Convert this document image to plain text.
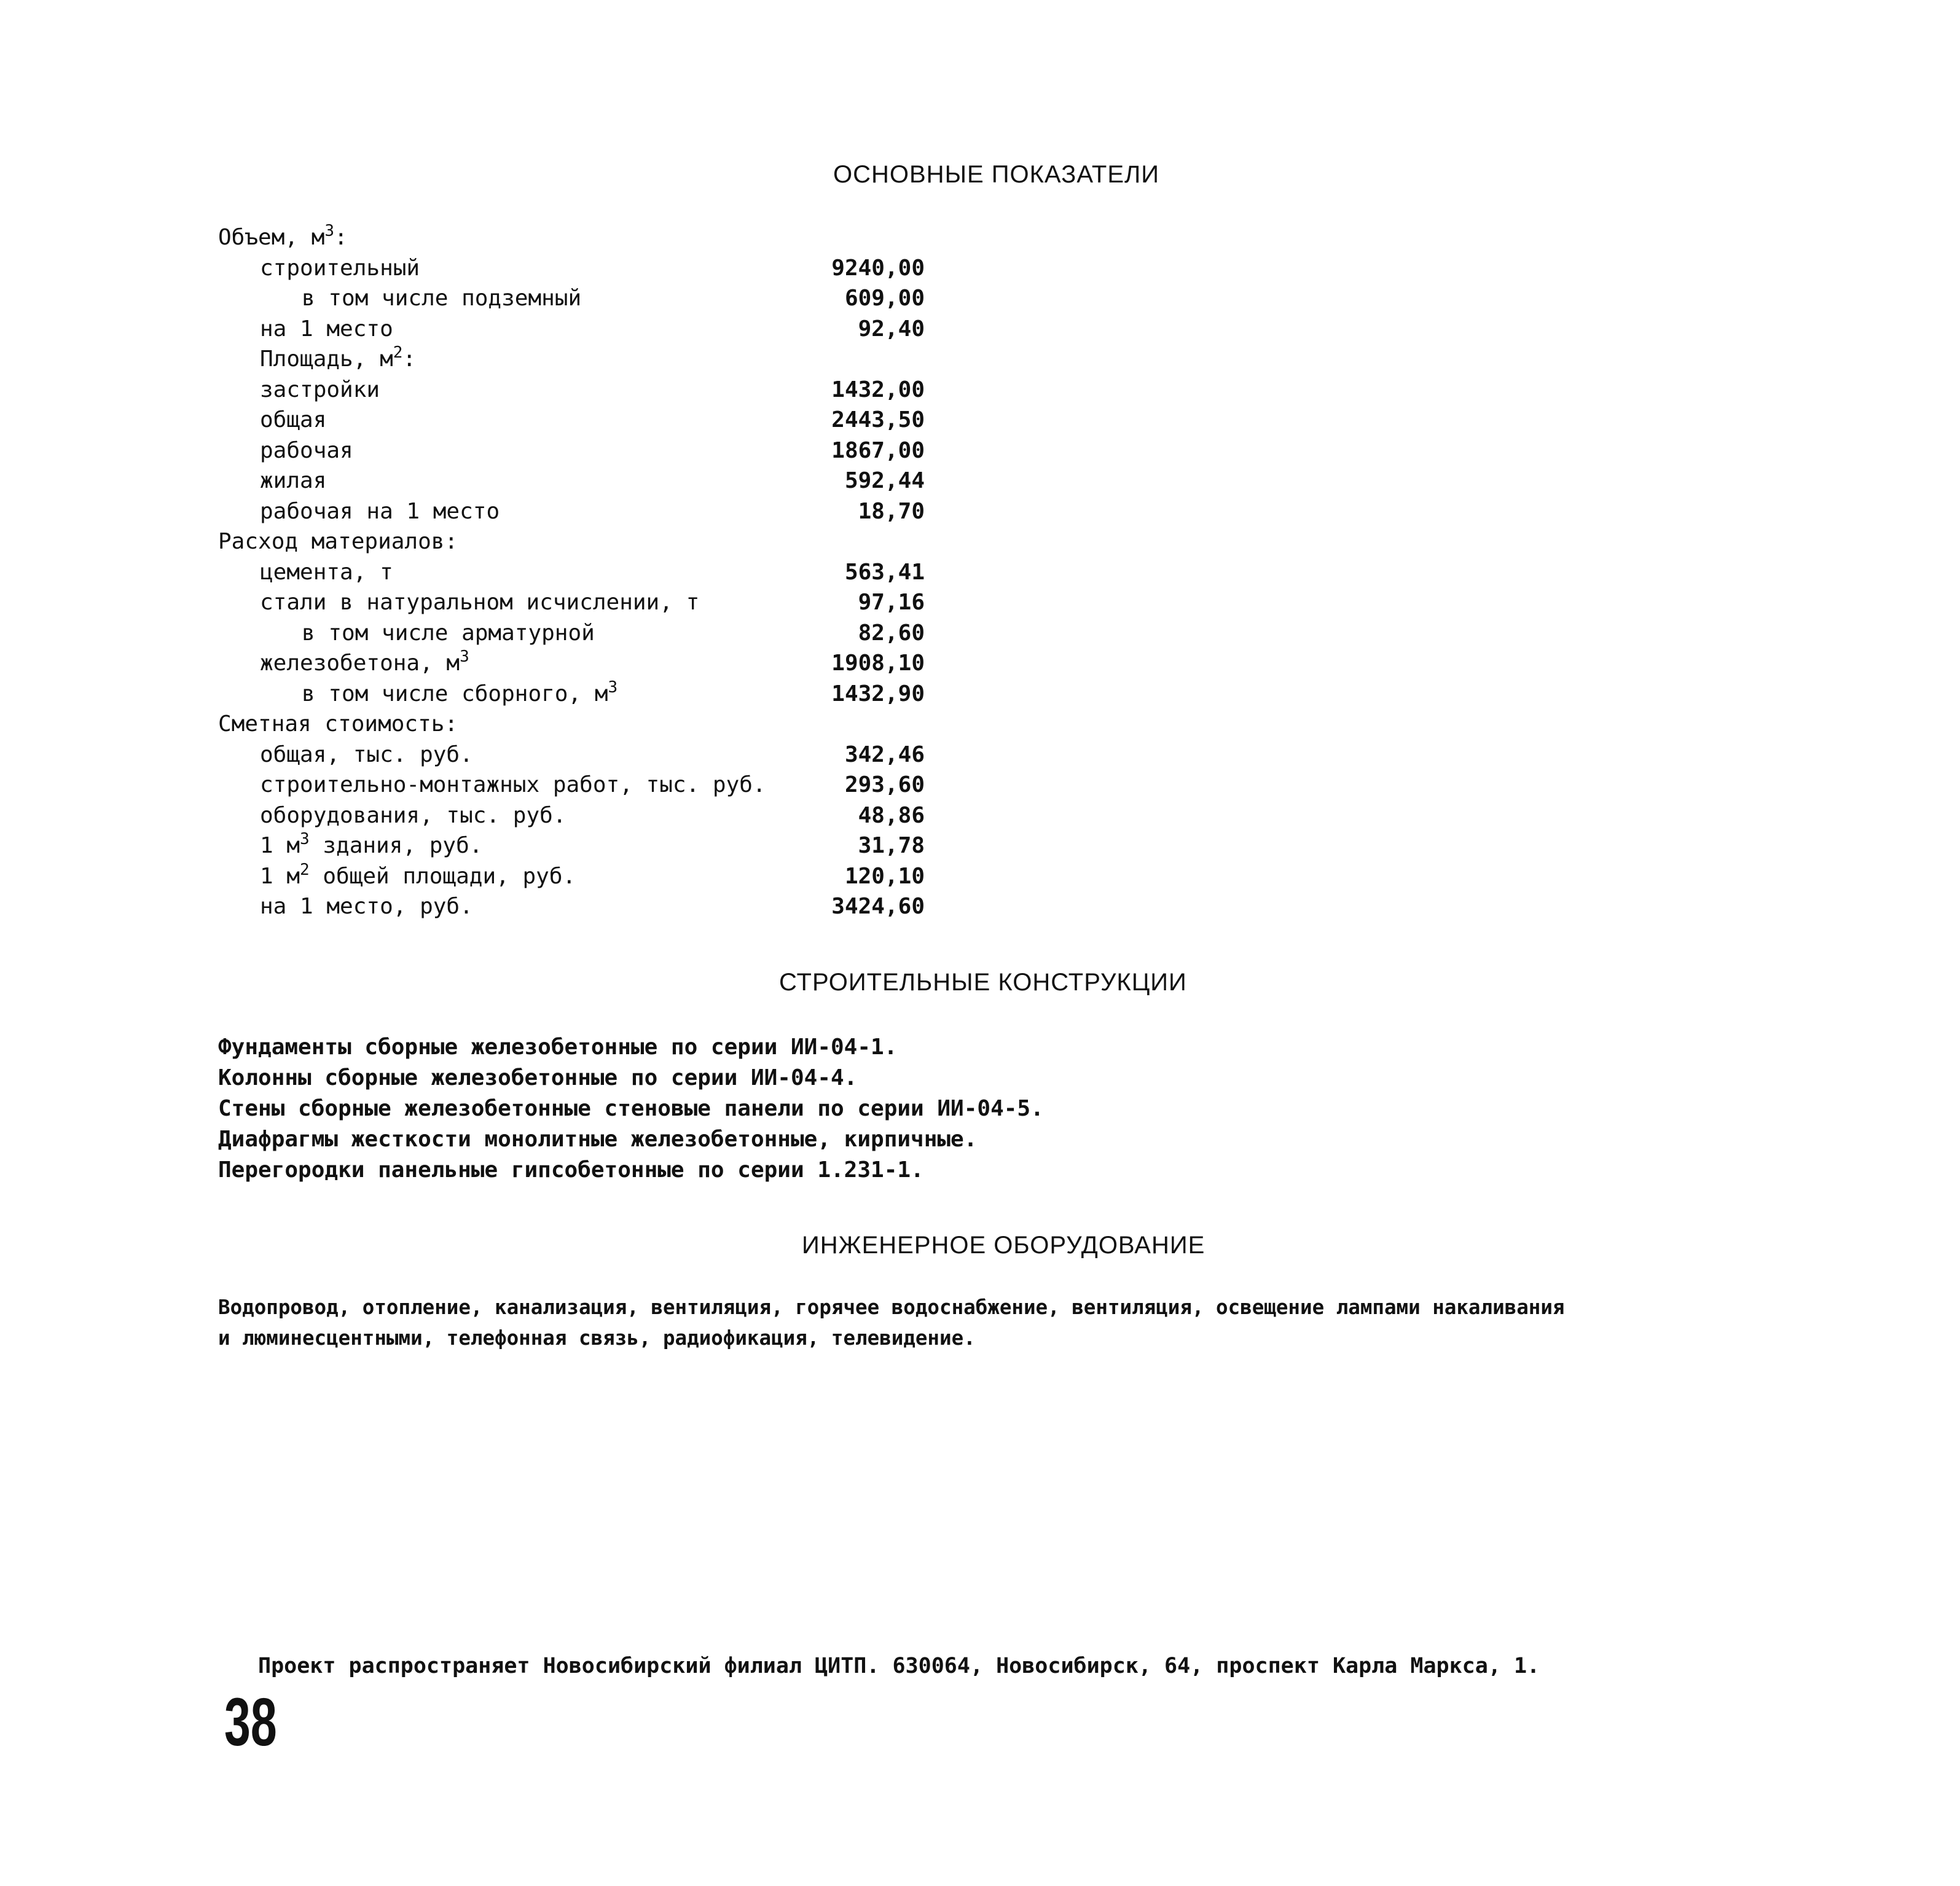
ОСНОВНЫЕ ПОКАЗАТЕЛИ
Объем, $м^3$:
строительный	9240,00
в том числе подземный	609,00
на 1 место	92,40
Площадь, $м^2$:
застройки	1432,00
общая	2443,50
рабочая	1867,00
жилая	592,44
рабочая на 1 место	18,70
Расход материалов:
цемента, т	563,41
стали в натуральном исчислении, т	97,16
в том числе арматурной	82,60
железобетона, $м^3$	1908,10
в том числе сборного, $м^3$	1432,90
Сметная стоимость:
общая, тыс. руб.	342,46
строительно-монтажных работ, тыс. руб.	293,60
оборудования, тыс. руб.	48,86
1 $м^3$ здания, руб.	31,78
1 $м^2$ общей площади, руб.	120,10
на 1 место, руб.	3424,60
СТРОИТЕЛЬНЫЕ КОНСТРУКЦИИ
Фундаменты сборные железобетонные по серии ИИ-04-1.
Колонны сборные железобетонные по серии ИИ-04-4.
Стены сборные железобетонные стеновые панели по серии ИИ-04-5.
Диафрагмы жесткости монолитные железобетонные, кирпичные.
Перегородки панельные гипсобетонные по серии 1.231-1.
ИНЖЕНЕРНОЕ ОБОРУДОВАНИЕ
Водопровод, отопление, канализация, вентиляция, горячее водоснабжение, вентиляция, освещение лампами накаливания
и люминесцентными, телефонная связь, радиофикация, телевидение.
Проект распространяет Новосибирский филиал ЦИТП. 630064, Новосибирск, 64, проспект Карла Маркса, 1.
38
